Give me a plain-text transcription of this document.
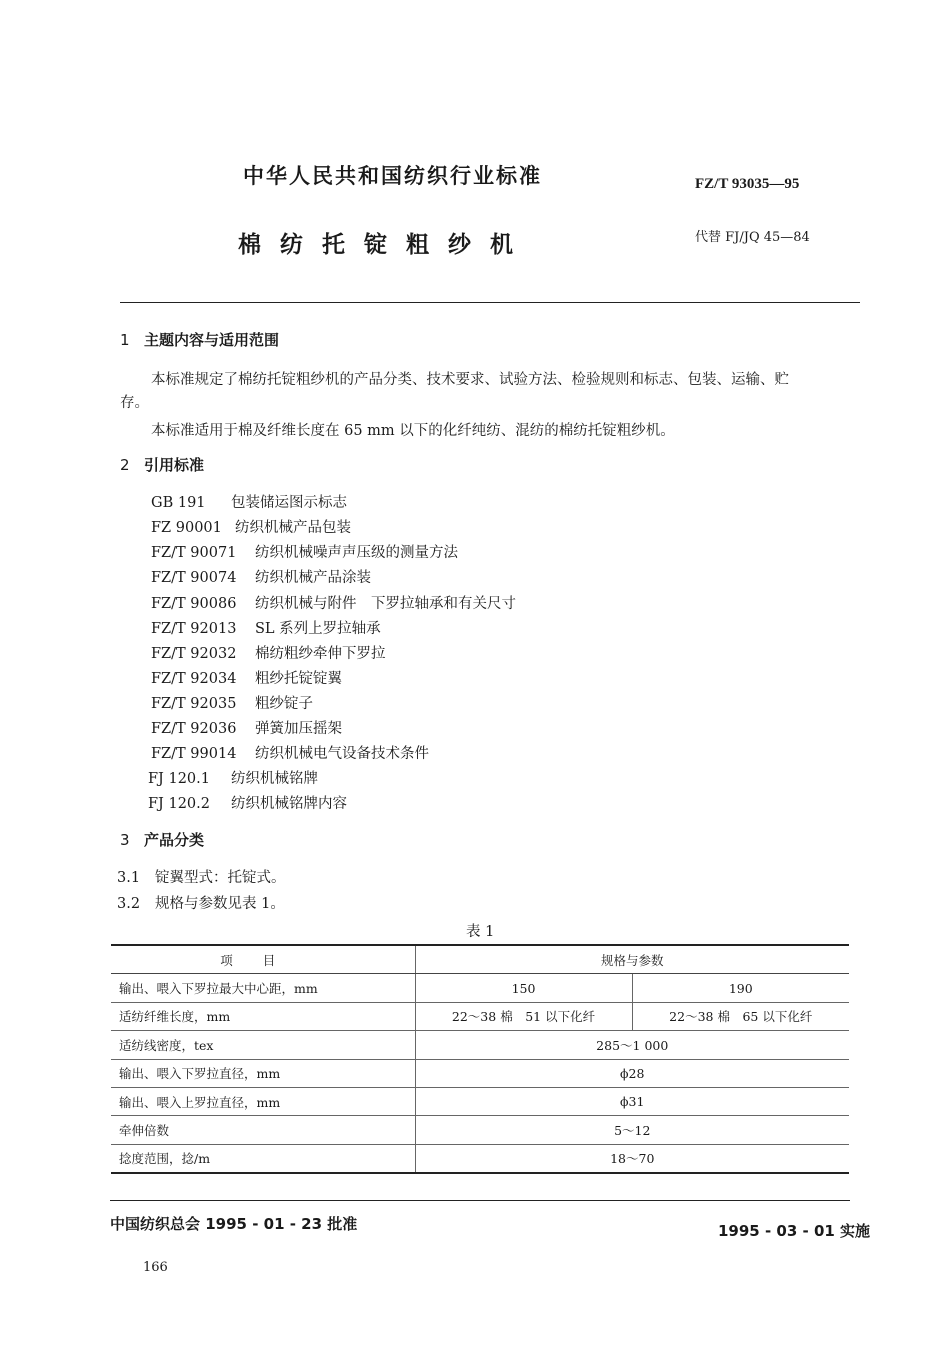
中华人民共和国纺织行业标准	FZ/T 93035—95
棉纺托锭粗纱机	代替 FJ/JQ 45—84
1 主题内容与适用范围
本标准规定了棉纺托锭粗纱机的产品分类、技术要求、试验方法、检验规则和标志、包装、运输、贮
存。
本标准适用于棉及纤维长度在 65 mm 以下的化纤纯纺、混纺的棉纺托锭粗纱机。
2 引用标准
GB 191 包装储运图示标志
FZ 90001 纺织机械产品包装
FZ/T 90071 纺织机械噪声声压级的测量方法
FZ/T 90074 纺织机械产品涂装
FZ/T 90086 纺织机械与附件　下罗拉轴承和有关尺寸
FZ/T 92013 SL 系列上罗拉轴承
FZ/T 92032 棉纺粗纱牵伸下罗拉
FZ/T 92034 粗纱托锭锭翼
FZ/T 92035 粗纱锭子
FZ/T 92036 弹簧加压摇架
FZ/T 99014 纺织机械电气设备技术条件
FJ 120.1 纺织机械铭牌
FJ 120.2 纺织机械铭牌内容
3 产品分类
3.1 锭翼型式：托锭式。
3.2 规格与参数见表 1。
表 1
项目	规格与参数	
输出、喂入下罗拉最大中心距，mm	150	190
适纺纤维长度，mm	22～38 棉　51 以下化纤	22～38 棉　65 以下化纤
适纺线密度，tex	285～1 000	
输出、喂入下罗拉直径，mm	ϕ28	
输出、喂入上罗拉直径，mm	ϕ31	
牵伸倍数	5～12	
捻度范围，捻/m	18～70	
中国纺织总会 1995 - 01 - 23 批准	1995 - 03 - 01 实施
166
